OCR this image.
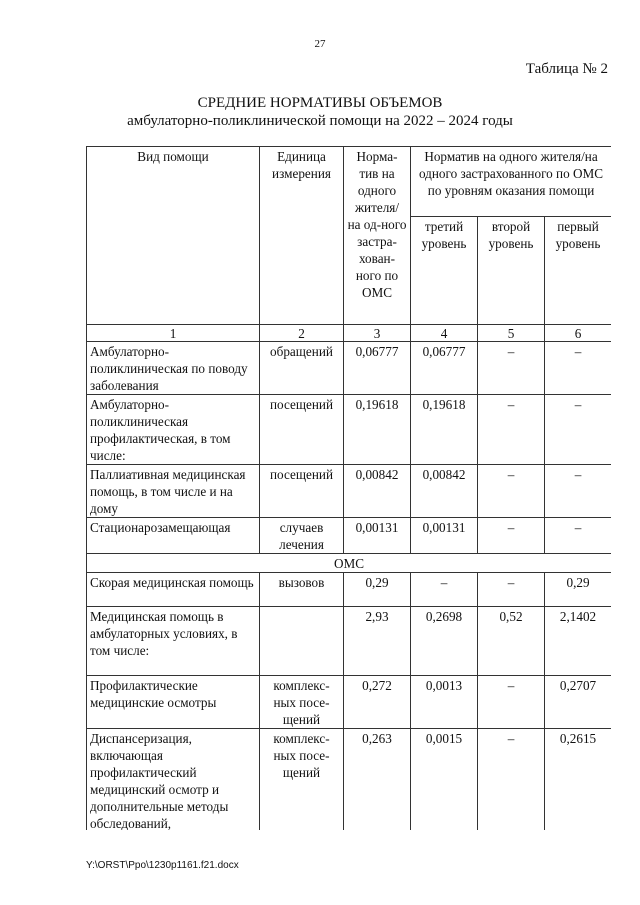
27
Таблица № 2
СРЕДНИЕ НОРМАТИВЫ ОБЪЕМОВ
амбулаторно-поликлинической помощи на 2022 – 2024 годы
Вид помощи	Единица измерения	Норма-тив на одного жителя/ на од-ного застра-хован-ного по ОМС	Норматив на одного жителя/на одного застрахованного по ОМС по уровням оказания помощи		
			третий уровень	второй уровень	первый уровень
1	2	3	4	5	6
Амбулаторно-поликлиническая по поводу заболевания	обращений	0,06777	0,06777	–	–
Амбулаторно-поликлиническая профилактическая, в том числе:	посещений	0,19618	0,19618	–	–
Паллиативная медицинская помощь, в том числе и на дому	посещений	0,00842	0,00842	–	–
Стационарозамещающая	случаев лечения	0,00131	0,00131	–	–
ОМС					
Скорая медицинская помощь	вызовов	0,29	–	–	0,29
Медицинская помощь в амбулаторных условиях, в том числе:		2,93	0,2698	0,52	2,1402
Профилактические медицинские осмотры	комплекс-ных посе-щений	0,272	0,0013	–	0,2707
Диспансеризация, включающая профилактический медицинский осмотр и дополнительные методы обследований,	комплекс-ных посе-щений	0,263	0,0015	–	0,2615
Y:\ORST\Ppo\1230p1161.f21.docx
